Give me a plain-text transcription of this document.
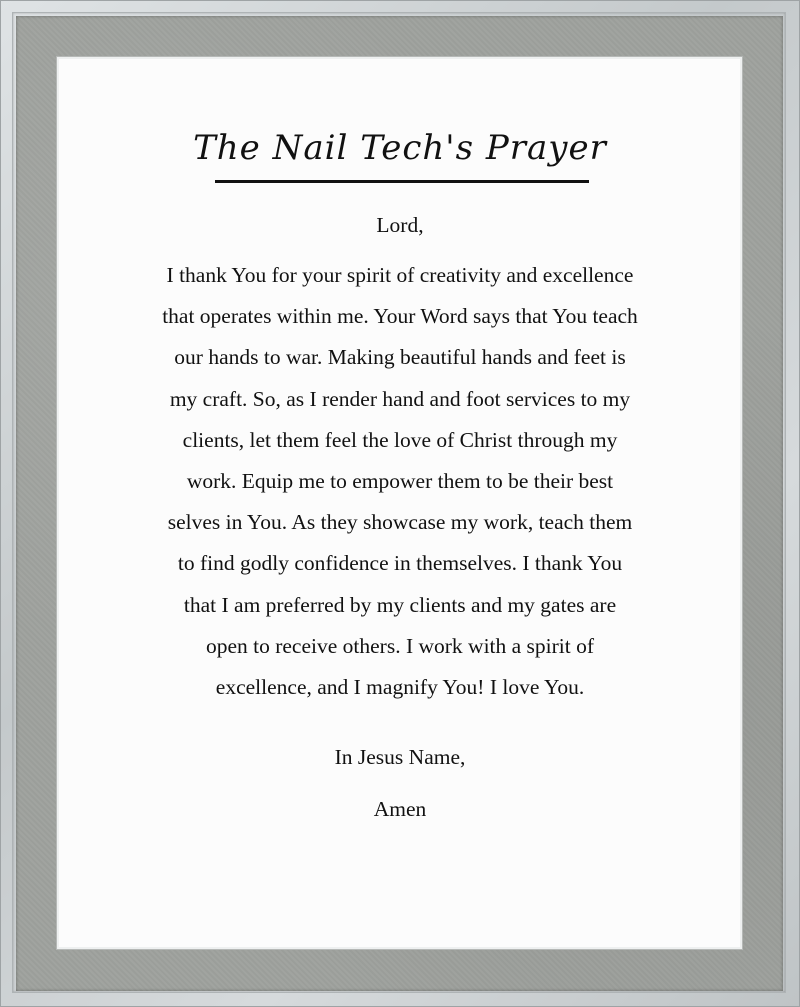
The Nail Tech's Prayer

Lord,

I thank You for your spirit of creativity and excellence

that operates within me. Your Word says that You teach

our hands to war. Making beautiful hands and feet is

my craft. So, as I render hand and foot services to my

clients, let them feel the love of Christ through my

work. Equip me to empower them to be their best

selves in You. As they showcase my work, teach them

to find godly confidence in themselves. I thank You

that I am preferred by my clients and my gates are

open to receive others. I work with a spirit of

excellence, and I magnify You! I love You.

In Jesus Name,

Amen
